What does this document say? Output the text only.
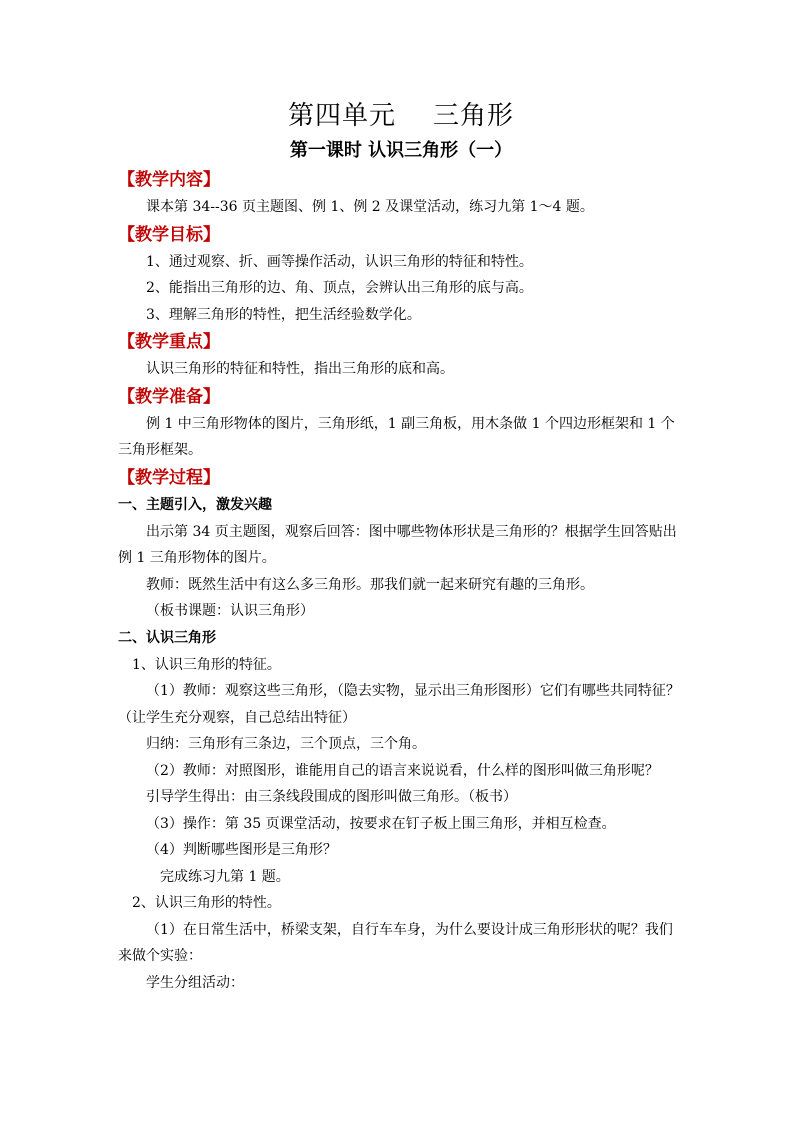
第四单元    三角形
第一课时 认识三角形（一）
【教学内容】
课本第 34--36 页主题图、例 1、例 2 及课堂活动，练习九第 1～4 题。
【教学目标】
1、通过观察、折、画等操作活动，认识三角形的特征和特性。
2、能指出三角形的边、角、顶点，会辨认出三角形的底与高。
3、理解三角形的特性，把生活经验数学化。
【教学重点】
认识三角形的特征和特性，指出三角形的底和高。
【教学准备】
例 1 中三角形物体的图片，三角形纸，1 副三角板，用木条做 1 个四边形框架和 1 个三角形框架。
【教学过程】
一、主题引入，激发兴趣
出示第 34 页主题图，观察后回答：图中哪些物体形状是三角形的？根据学生回答贴出例 1 三角形物体的图片。
教师：既然生活中有这么多三角形。那我们就一起来研究有趣的三角形。
（板书课题：认识三角形）
二、认识三角形
1、认识三角形的特征。
（1）教师：观察这些三角形，（隐去实物，显示出三角形图形）它们有哪些共同特征？（让学生充分观察，自己总结出特征）
归纳：三角形有三条边，三个顶点，三个角。
（2）教师：对照图形，谁能用自己的语言来说说看，什么样的图形叫做三角形呢？
引导学生得出：由三条线段围成的图形叫做三角形。（板书）
（3）操作：第 35 页课堂活动，按要求在钉子板上围三角形，并相互检查。
（4）判断哪些图形是三角形？
完成练习九第 1 题。
2、认识三角形的特性。
（1）在日常生活中，桥梁支架，自行车车身，为什么要设计成三角形形状的呢？我们来做个实验：
学生分组活动：
